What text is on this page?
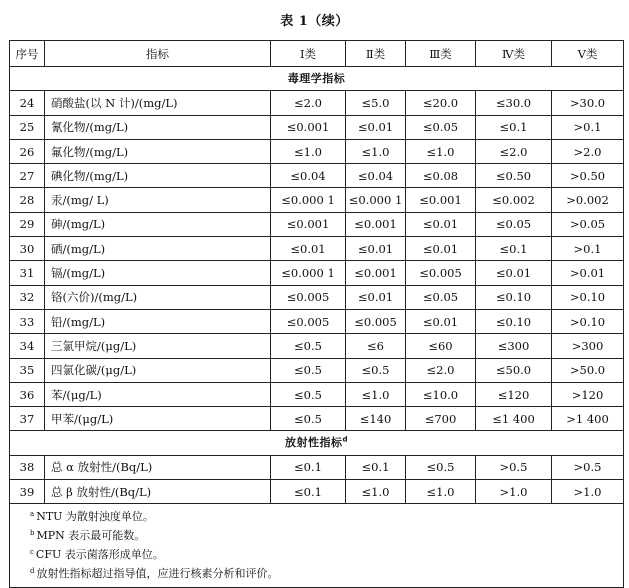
表 1（续）
序号	指标	Ⅰ类	Ⅱ类	Ⅲ类	Ⅳ类	Ⅴ类
毒理学指标						
24	硝酸盐(以 N 计)/(mg/L)	≤2.0	≤5.0	≤20.0	≤30.0	>30.0
25	氰化物/(mg/L)	≤0.001	≤0.01	≤0.05	≤0.1	>0.1
26	氟化物/(mg/L)	≤1.0	≤1.0	≤1.0	≤2.0	>2.0
27	碘化物/(mg/L)	≤0.04	≤0.04	≤0.08	≤0.50	>0.50
28	汞/(mg/ L)	≤0.000 1	≤0.000 1	≤0.001	≤0.002	>0.002
29	砷/(mg/L)	≤0.001	≤0.001	≤0.01	≤0.05	>0.05
30	硒/(mg/L)	≤0.01	≤0.01	≤0.01	≤0.1	>0.1
31	镉/(mg/L)	≤0.000 1	≤0.001	≤0.005	≤0.01	>0.01
32	铬(六价)/(mg/L)	≤0.005	≤0.01	≤0.05	≤0.10	>0.10
33	铅/(mg/L)	≤0.005	≤0.005	≤0.01	≤0.10	>0.10
34	三氯甲烷/(μg/L)	≤0.5	≤6	≤60	≤300	>300
35	四氯化碳/(μg/L)	≤0.5	≤0.5	≤2.0	≤50.0	>50.0
36	苯/(μg/L)	≤0.5	≤1.0	≤10.0	≤120	>120
37	甲苯/(μg/L)	≤0.5	≤140	≤700	≤1 400	>1 400
放射性指标$^d$
38	总 α 放射性/(Bq/L)	≤0.1	≤0.1	≤0.5	>0.5	>0.5
39	总 β 放射性/(Bq/L)	≤0.1	≤1.0	≤1.0	>1.0	>1.0

$^a$ NTU 为散射浊度单位。
$^b$ MPN 表示最可能数。
$^c$ CFU 表示菌落形成单位。
$^d$ 放射性指标超过指导值，应进行核素分析和评价。						
